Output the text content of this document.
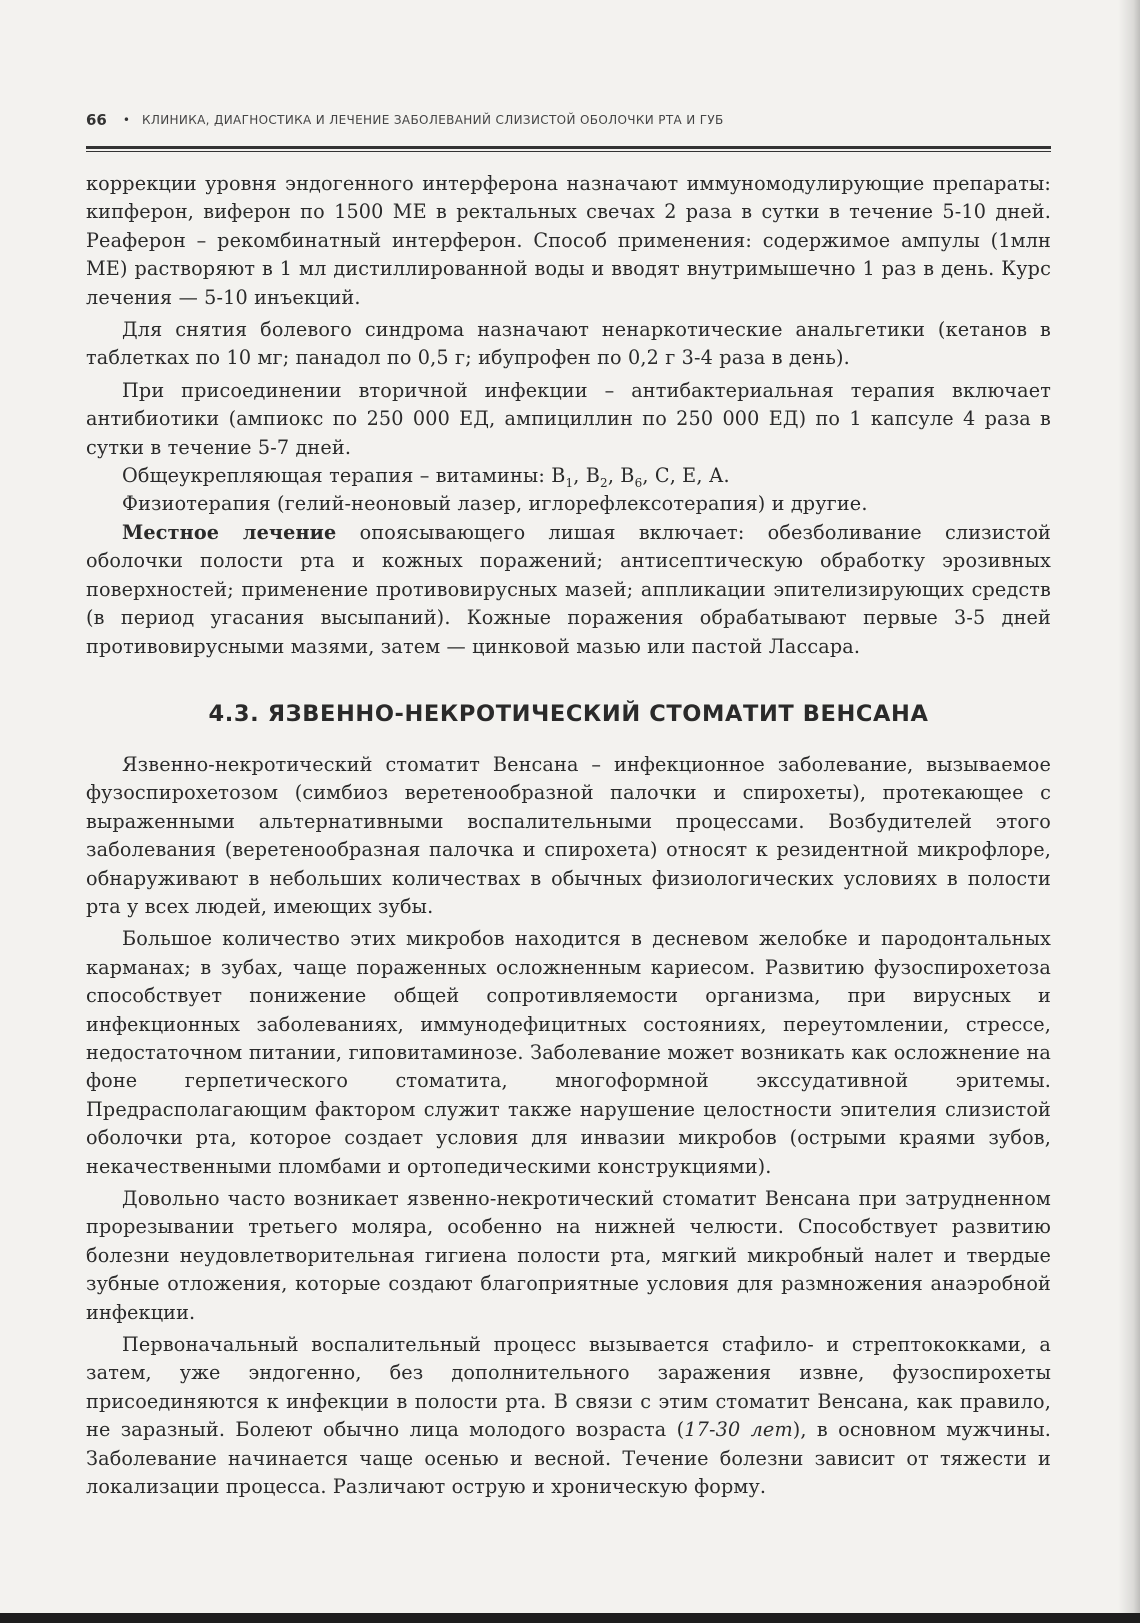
66 • КЛИНИКА, ДИАГНОСТИКА И ЛЕЧЕНИЕ ЗАБОЛЕВАНИЙ СЛИЗИСТОЙ ОБОЛОЧКИ РТА И ГУБ

коррекции уровня эндогенного интерферона назначают иммуномодулирующие препараты: кипферон, виферон по 1500 МЕ в ректальных свечах 2 раза в сутки в течение 5-10 дней. Реаферон – рекомбинатный интерферон. Способ применения: содержимое ампулы (1млн МЕ) растворяют в 1 мл дистиллированной воды и вводят внутримышечно 1 раз в день. Курс лечения — 5-10 инъекций.

Для снятия болевого синдрома назначают ненаркотические анальгетики (кетанов в таблетках по 10 мг; панадол по 0,5 г; ибупрофен по 0,2 г 3-4 раза в день).

При присоединении вторичной инфекции – антибактериальная терапия включает антибиотики (ампиокс по 250 000 ЕД, ампициллин по 250 000 ЕД) по 1 капсуле 4 раза в сутки в течение 5-7 дней.

Общеукрепляющая терапия – витамины: $В_1$, $В_2$, $В_6$, С, Е, А.

Физиотерапия (гелий-неоновый лазер, иглорефлексотерапия) и другие.

Местное лечение опоясывающего лишая включает: обезболивание слизистой оболочки полости рта и кожных поражений; антисептическую обработку эрозивных поверхностей; применение противовирусных мазей; аппликации эпителизирующих средств (в период угасания высыпаний). Кожные поражения обрабатывают первые 3-5 дней противовирусными мазями, затем — цинковой мазью или пастой Лассара.

4.3. ЯЗВЕННО-НЕКРОТИЧЕСКИЙ СТОМАТИТ ВЕНСАНА

Язвенно-некротический стоматит Венсана – инфекционное заболевание, вызываемое фузоспирохетозом (симбиоз веретенообразной палочки и спирохеты), протекающее с выраженными альтернативными воспалительными процессами. Возбудителей этого заболевания (веретенообразная палочка и спирохета) относят к резидентной микрофлоре, обнаруживают в небольших количествах в обычных физиологических условиях в полости рта у всех людей, имеющих зубы.

Большое количество этих микробов находится в десневом желобке и пародонтальных карманах; в зубах, чаще пораженных осложненным кариесом. Развитию фузоспирохетоза способствует понижение общей сопротивляемости организма, при вирусных и инфекционных заболеваниях, иммунодефицитных состояниях, переутомлении, стрессе, недостаточном питании, гиповитаминозе. Заболевание может возникать как осложнение на фоне герпетического стоматита, многоформной экссудативной эритемы. Предрасполагающим фактором служит также нарушение целостности эпителия слизистой оболочки рта, которое создает условия для инвазии микробов (острыми краями зубов, некачественными пломбами и ортопедическими конструкциями).

Довольно часто возникает язвенно-некротический стоматит Венсана при затрудненном прорезывании третьего моляра, особенно на нижней челюсти. Способствует развитию болезни неудовлетворительная гигиена полости рта, мягкий микробный налет и твердые зубные отложения, которые создают благоприятные условия для размножения анаэробной инфекции.

Первоначальный воспалительный процесс вызывается стафило- и стрептококками, а затем, уже эндогенно, без дополнительного заражения извне, фузоспирохеты присоединяются к инфекции в полости рта. В связи с этим стоматит Венсана, как правило, не заразный. Болеют обычно лица молодого возраста (17-30 лет), в основном мужчины. Заболевание начинается чаще осенью и весной. Течение болезни зависит от тяжести и локализации процесса. Различают острую и хроническую форму.
